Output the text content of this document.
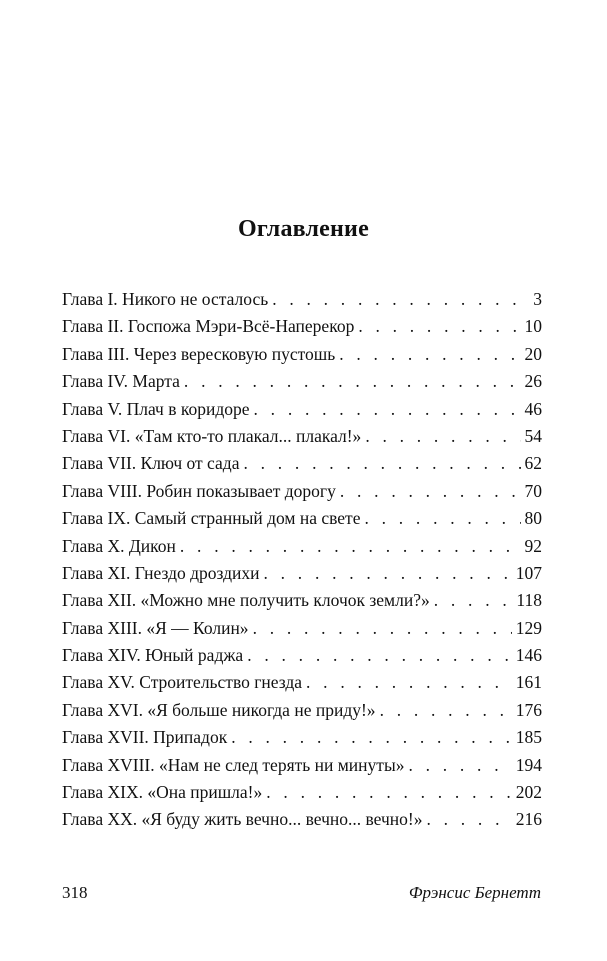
Оглавление
Глава I. Никого не осталось . . .	3
Глава II. Госпожа Мэри-Всё-Наперекор . . .	10
Глава III. Через вересковую пустошь . . .	20
Глава IV. Марта . . .	26
Глава V. Плач в коридоре . . .	46
Глава VI. «Там кто-то плакал... плакал!» . . .	54
Глава VII. Ключ от сада . . .	62
Глава VIII. Робин показывает дорогу . . .	70
Глава IX. Самый странный дом на свете . . .	80
Глава X. Дикон . . .	92
Глава XI. Гнездо дроздихи . . .	107
Глава XII. «Можно мне получить клочок земли?» . . .	118
Глава XIII. «Я — Колин» . . .	129
Глава XIV. Юный раджа . . .	146
Глава XV. Строительство гнезда . . .	161
Глава XVI. «Я больше никогда не приду!» . . .	176
Глава XVII. Припадок . . .	185
Глава XVIII. «Нам не след терять ни минуты» . . .	194
Глава XIX. «Она пришла!» . . .	202
Глава XX. «Я буду жить вечно... вечно... вечно!» . . .	216
318	Фрэнсис Бернетт
